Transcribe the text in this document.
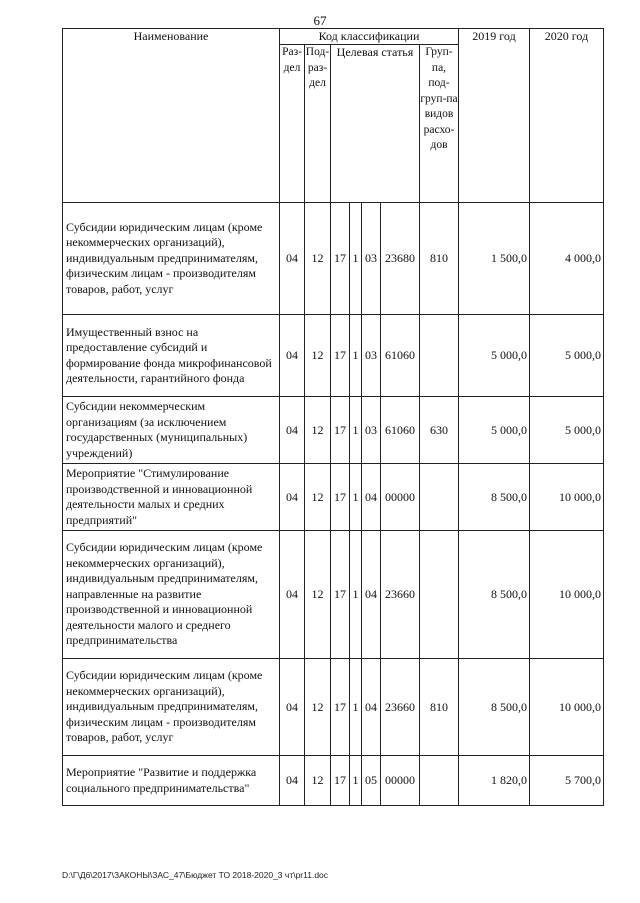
67
Наименование	Код классификации							2019 год	2020 год
	Раз-дел	Под-раз-дел	Целевая статья				Груп-па, под-груп-па видов расхо-дов		
Субсидии юридическим лицам (кроме некоммерческих организаций), индивидуальным предпринимателям, физическим лицам - производителям товаров, работ, услуг	04	12	17	1	03	23680	810	1 500,0	4 000,0
Имущественный взнос на предоставление субсидий и формирование фонда микрофинансовой деятельности, гарантийного фонда	04	12	17	1	03	61060		5 000,0	5 000,0
Субсидии некоммерческим организациям (за исключением государственных (муниципальных) учреждений)	04	12	17	1	03	61060	630	5 000,0	5 000,0
Мероприятие "Стимулирование производственной и инновационной деятельности малых и средних предприятий"	04	12	17	1	04	00000		8 500,0	10 000,0
Субсидии юридическим лицам (кроме некоммерческих организаций), индивидуальным предпринимателям, направленные на развитие производственной и инновационной деятельности малого и среднего предпринимательства	04	12	17	1	04	23660		8 500,0	10 000,0
Субсидии юридическим лицам (кроме некоммерческих организаций), индивидуальным предпринимателям, физическим лицам - производителям товаров, работ, услуг	04	12	17	1	04	23660	810	8 500,0	10 000,0
Мероприятие "Развитие и поддержка социального предпринимательства"	04	12	17	1	05	00000		1 820,0	5 700,0
D:\Г\Д6\2017\ЗАКОНЫ\ЗАС_47\Бюджет ТО 2018-2020_3 чт\pr11.doc
